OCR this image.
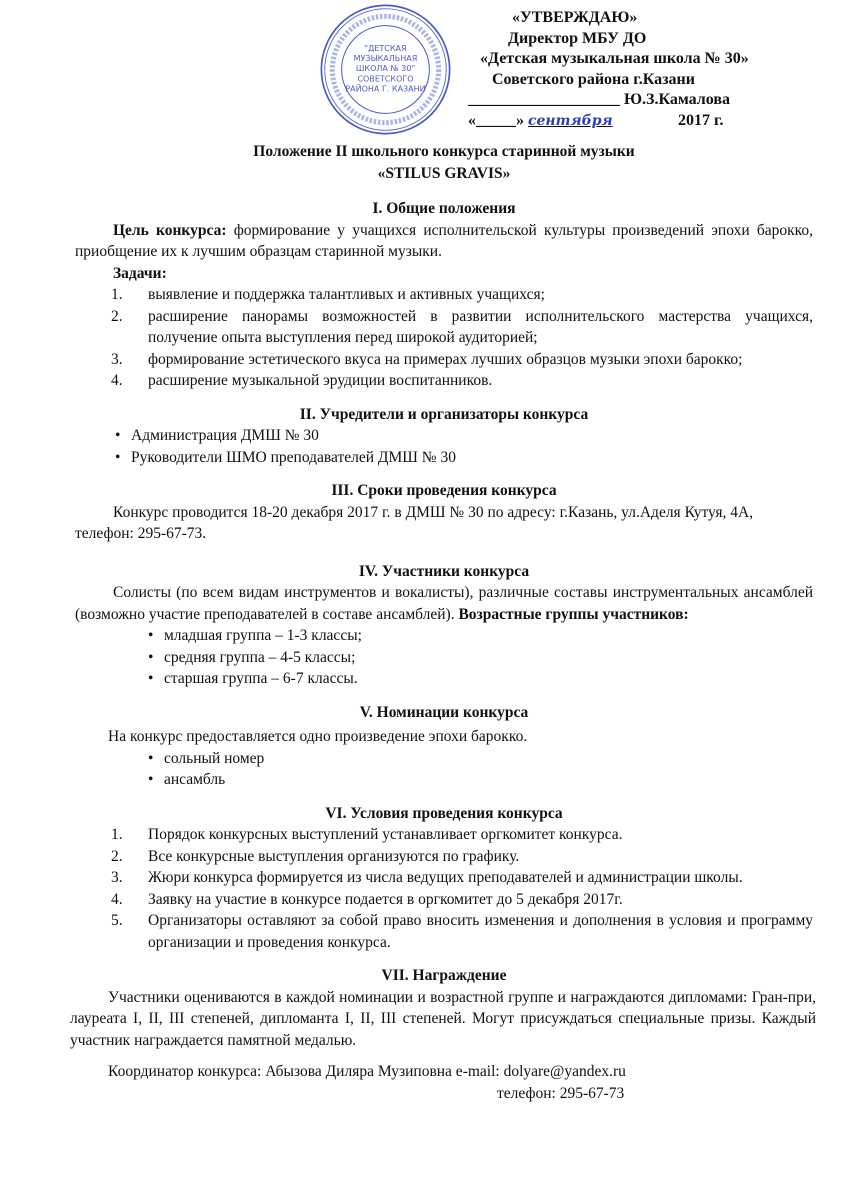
"ДЕТСКАЯ
МУЗЫКАЛЬНАЯ
ШКОЛА № 30"
СОВЕТСКОГО
РАЙОНА Г. КАЗАНИ
«УТВЕРЖДАЮ»
Директор МБУ ДО
«Детская музыкальная школа № 30»
Советского района г.Казани
___________________ Ю.З.Камалова
«_____» сентября	2017 г.
Положение II школьного конкурса старинной музыки
«STILUS GRAVIS»
I. Общие положения
Цель конкурса: формирование у учащихся исполнительской культуры произведений эпохи барокко, приобщение их к лучшим образцам старинной музыки.
Задачи:
1.	выявление и поддержка талантливых и активных учащихся;
2.	расширение панорамы возможностей в развитии исполнительского мастерства учащихся, получение опыта выступления перед широкой аудиторией;
3.	формирование эстетического вкуса на примерах лучших образцов музыки эпохи барокко;
4.	расширение музыкальной эрудиции воспитанников.
II. Учредители и организаторы конкурса
• Администрация ДМШ № 30
• Руководители ШМО преподавателей ДМШ № 30
III. Сроки проведения конкурса
Конкурс проводится 18-20 декабря 2017 г. в ДМШ № 30 по адресу: г.Казань, ул.Аделя Кутуя, 4А, телефон: 295-67-73.
IV. Участники конкурса
Солисты (по всем видам инструментов и вокалисты), различные составы инструментальных ансамблей (возможно участие преподавателей в составе ансамблей). Возрастные группы участников:
• младшая группа – 1-3 классы;
• средняя группа – 4-5 классы;
• старшая группа – 6-7 классы.
V. Номинации конкурса
На конкурс предоставляется одно произведение эпохи барокко.
• сольный номер
• ансамбль
VI. Условия проведения конкурса
1.	Порядок конкурсных выступлений устанавливает оргкомитет конкурса.
2.	Все конкурсные выступления организуются по графику.
3.	Жюри конкурса формируется из числа ведущих преподавателей и администрации школы.
4.	Заявку на участие в конкурсе подается в оргкомитет до 5 декабря 2017г.
5.	Организаторы оставляют за собой право вносить изменения и дополнения в условия и программу организации и проведения конкурса.
VII. Награждение
Участники оцениваются в каждой номинации и возрастной группе и награждаются дипломами: Гран-при, лауреата I, II, III степеней, дипломанта I, II, III степеней. Могут присуждаться специальные призы. Каждый участник награждается памятной медалью.
Координатор конкурса: Абызова Диляра Музиповна e-mail: dolyare@yandex.ru
телефон: 295-67-73
